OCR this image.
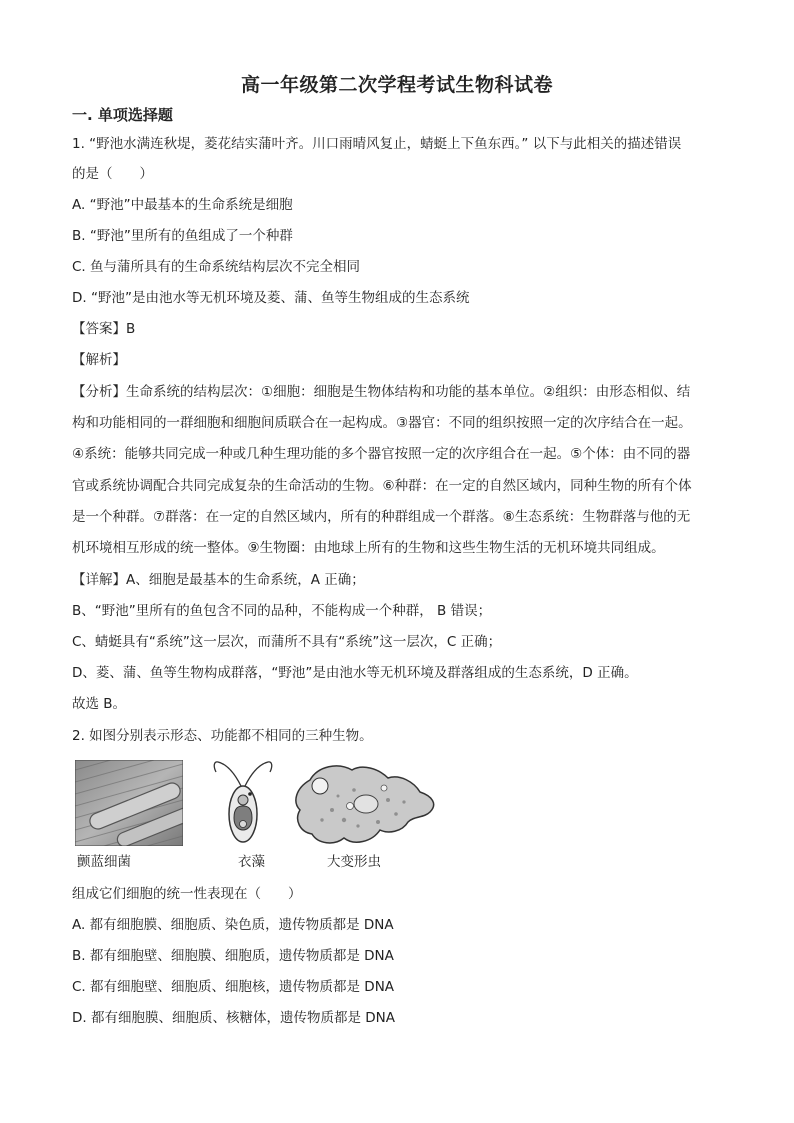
高一年级第二次学程考试生物科试卷
一. 单项选择题
1. “野池水满连秋堤，菱花结实蒲叶齐。川口雨晴风复止，蜻蜓上下鱼东西。” 以下与此相关的描述错误
的是（　　）
A. “野池”中最基本的生命系统是细胞
B. “野池”里所有的鱼组成了一个种群
C. 鱼与蒲所具有的生命系统结构层次不完全相同
D. “野池”是由池水等无机环境及菱、蒲、鱼等生物组成的生态系统
【答案】B
【解析】
【分析】生命系统的结构层次：①细胞：细胞是生物体结构和功能的基本单位。②组织：由形态相似、结
构和功能相同的一群细胞和细胞间质联合在一起构成。③器官：不同的组织按照一定的次序结合在一起。
④系统：能够共同完成一种或几种生理功能的多个器官按照一定的次序组合在一起。⑤个体：由不同的器
官或系统协调配合共同完成复杂的生命活动的生物。⑥种群：在一定的自然区域内，同种生物的所有个体
是一个种群。⑦群落：在一定的自然区域内，所有的种群组成一个群落。⑧生态系统：生物群落与他的无
机环境相互形成的统一整体。⑨生物圈：由地球上所有的生物和这些生物生活的无机环境共同组成。
【详解】A、细胞是最基本的生命系统，A 正确；
B、“野池”里所有的鱼包含不同的品种，不能构成一个种群， B 错误；
C、蜻蜓具有“系统”这一层次，而蒲所不具有“系统”这一层次，C 正确；
D、菱、蒲、鱼等生物构成群落，“野池”是由池水等无机环境及群落组成的生态系统，D 正确。
故选 B。
2. 如图分别表示形态、功能都不相同的三种生物。
颤蓝细菌	衣藻	大变形虫
组成它们细胞的统一性表现在（　　）
A. 都有细胞膜、细胞质、染色质，遗传物质都是 DNA
B. 都有细胞壁、细胞膜、细胞质，遗传物质都是 DNA
C. 都有细胞壁、细胞质、细胞核，遗传物质都是 DNA
D. 都有细胞膜、细胞质、核糖体，遗传物质都是 DNA
